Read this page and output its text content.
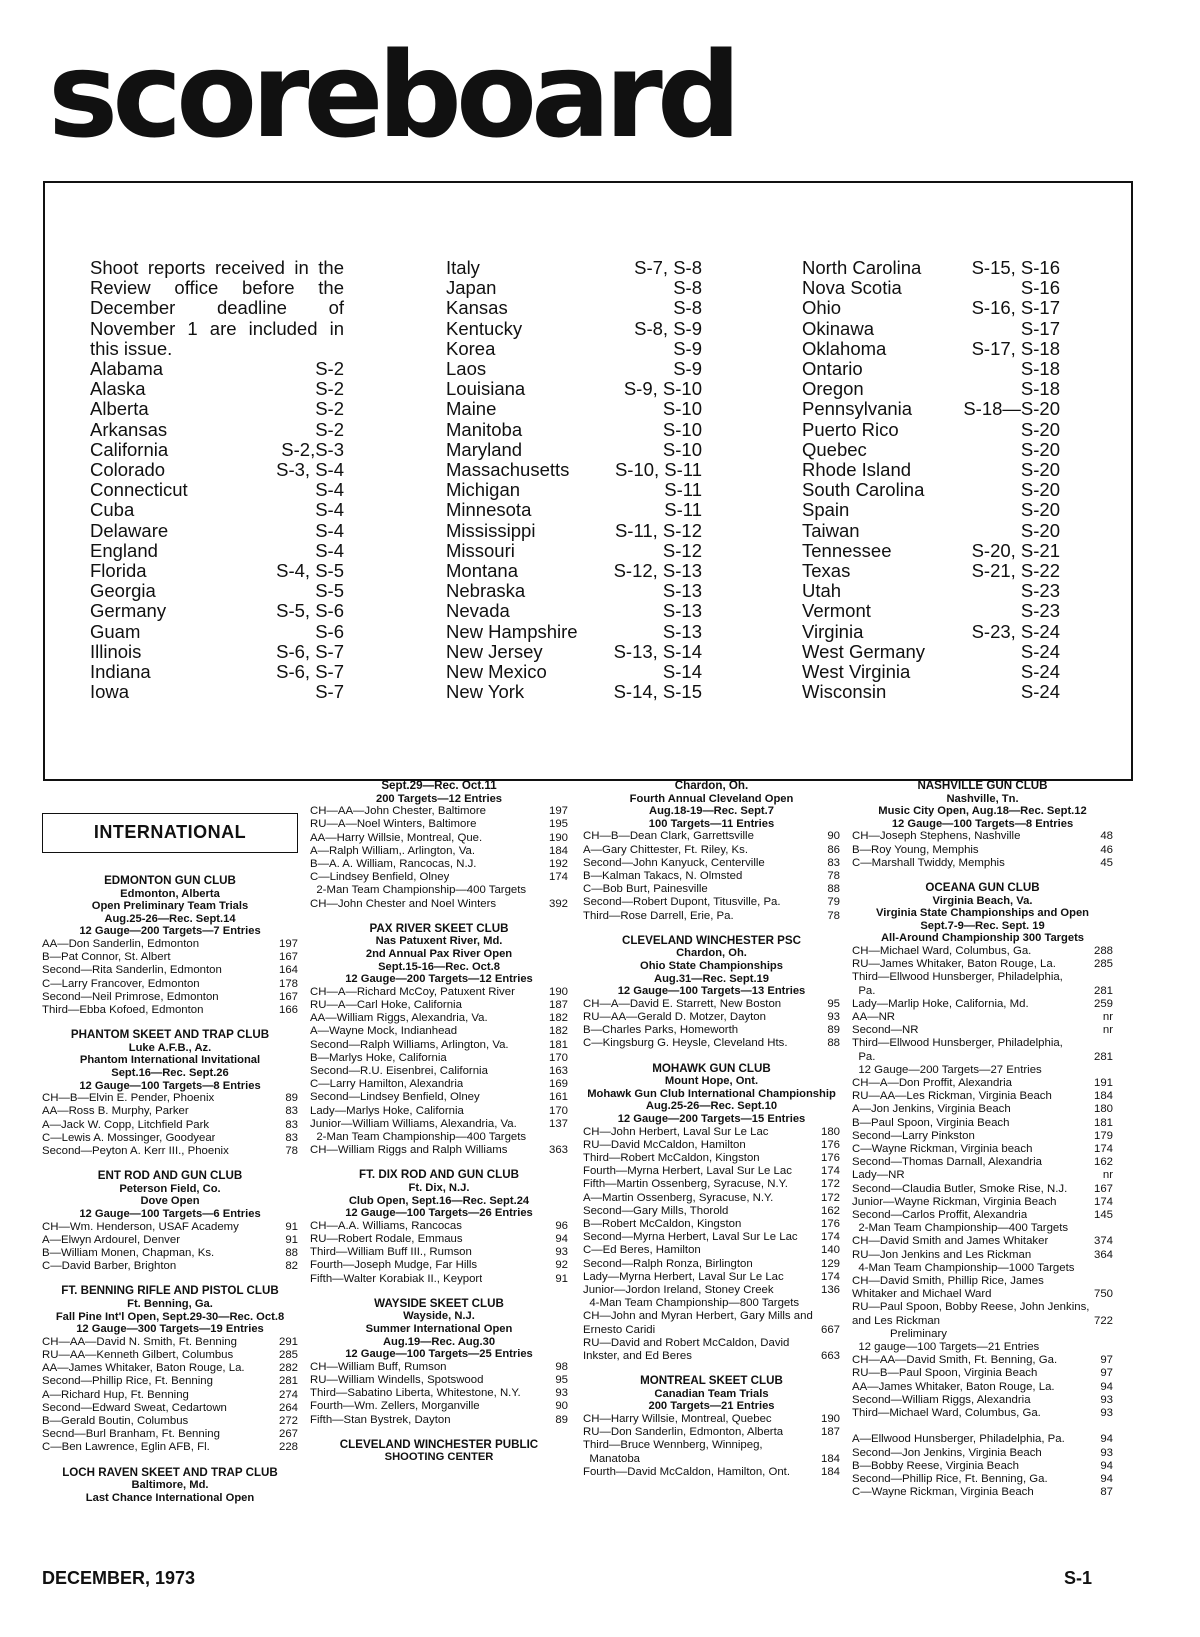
scoreboard
Shoot reports received in the Review office before the December deadline of November 1 are included in this issue.
Alabama	S-2
Alaska	S-2
Alberta	S-2
Arkansas	S-2
California	S-2,S-3
Colorado	S-3, S-4
Connecticut	S-4
Cuba	S-4
Delaware	S-4
England	S-4
Florida	S-4, S-5
Georgia	S-5
Germany	S-5, S-6
Guam	S-6
Illinois	S-6, S-7
Indiana	S-6, S-7
Iowa	S-7
Italy	S-7, S-8
Japan	S-8
Kansas	S-8
Kentucky	S-8, S-9
Korea	S-9
Laos	S-9
Louisiana	S-9, S-10
Maine	S-10
Manitoba	S-10
Maryland	S-10
Massachusetts S-10, S-11
Michigan	S-11
Minnesota	S-11
Mississippi	S-11, S-12
Missouri	S-12
Montana	S-12, S-13
Nebraska	S-13
Nevada	S-13
New Hampshire	S-13
New Jersey	S-13, S-14
New Mexico	S-14
New York	S-14, S-15
North Carolina	S-15, S-16
Nova Scotia	S-16
Ohio	S-16, S-17
Okinawa	S-17
Oklahoma	S-17, S-18
Ontario	S-18
Oregon	S-18
Pennsylvania	S-18—S-20
Puerto Rico	S-20
Quebec	S-20
Rhode Island	S-20
South Carolina	S-20
Spain	S-20
Taiwan	S-20
Tennessee	S-20, S-21
Texas	S-21, S-22
Utah	S-23
Vermont	S-23
Virginia	S-23, S-24
West Germany	S-24
West Virginia	S-24
Wisconsin	S-24
INTERNATIONAL
EDMONTON GUN CLUB
Edmonton, Alberta
Open Preliminary Team Trials
Aug.25-26—Rec. Sept.14
12 Gauge—200 Targets—7 Entries
AA—Don Sanderlin, Edmonton	197
B—Pat Connor, St. Albert	167
Second—Rita Sanderlin, Edmonton	164
C—Larry Francover, Edmonton	178
Second—Neil Primrose, Edmonton	167
Third—Ebba Kofoed, Edmonton	166
PHANTOM SKEET AND TRAP CLUB
Luke A.F.B., Az.
Phantom International Invitational
Sept.16—Rec. Sept.26
12 Gauge—100 Targets—8 Entries
CH—B—Elvin E. Pender, Phoenix	89
AA—Ross B. Murphy, Parker	83
A—Jack W. Copp, Litchfield Park	83
C—Lewis A. Mossinger, Goodyear	83
Second—Peyton A. Kerr III., Phoenix	78
ENT ROD AND GUN CLUB
Peterson Field, Co.
Dove Open
12 Gauge—100 Targets—6 Entries
CH—Wm. Henderson, USAF Academy	91
A—Elwyn Ardourel, Denver	91
B—William Monen, Chapman, Ks.	88
C—David Barber, Brighton	82
FT. BENNING RIFLE AND PISTOL CLUB
Ft. Benning, Ga.
Fall Pine Int'l Open, Sept.29-30—Rec. Oct.8
12 Gauge—300 Targets—19 Entries
CH—AA—David N. Smith, Ft. Benning	291
RU—AA—Kenneth Gilbert, Columbus	285
AA—James Whitaker, Baton Rouge, La.	282
Second—Phillip Rice, Ft. Benning	281
A—Richard Hup, Ft. Benning	274
Second—Edward Sweat, Cedartown	264
B—Gerald Boutin, Columbus	272
Secnd—Burl Branham, Ft. Benning	267
C—Ben Lawrence, Eglin AFB, Fl.	228
LOCH RAVEN SKEET AND TRAP CLUB
Baltimore, Md.
Last Chance International Open
Sept.29—Rec. Oct.11
200 Targets—12 Entries
CH—AA—John Chester, Baltimore	197
RU—A—Noel Winters, Baltimore	195
AA—Harry Willsie, Montreal, Que.	190
A—Ralph William,. Arlington, Va.	184
B—A. A. William, Rancocas, N.J.	192
C—Lindsey Benfield, Olney	174
2-Man Team Championship—400 Targets
CH—John Chester and Noel Winters	392
PAX RIVER SKEET CLUB
Nas Patuxent River, Md.
2nd Annual Pax River Open
Sept.15-16—Rec. Oct.8
12 Gauge—200 Targets—12 Entries
CH—A—Richard McCoy, Patuxent River	190
RU—A—Carl Hoke, California	187
AA—William Riggs, Alexandria, Va.	182
A—Wayne Mock, Indianhead	182
Second—Ralph Williams, Arlington, Va.	181
B—Marlys Hoke, California	170
Second—R.U. Eisenbrei, California	163
C—Larry Hamilton, Alexandria	169
Second—Lindsey Benfield, Olney	161
Lady—Marlys Hoke, California	170
Junior—William Williams, Alexandria, Va.	137
2-Man Team Championship—400 Targets
CH—William Riggs and Ralph Williams	363
FT. DIX ROD AND GUN CLUB
Ft. Dix, N.J.
Club Open, Sept.16—Rec. Sept.24
12 Gauge—100 Targets—26 Entries
CH—A.A. Williams, Rancocas	96
RU—Robert Rodale, Emmaus	94
Third—William Buff III., Rumson	93
Fourth—Joseph Mudge, Far Hills	92
Fifth—Walter Korabiak II., Keyport	91
WAYSIDE SKEET CLUB
Wayside, N.J.
Summer International Open
Aug.19—Rec. Aug.30
12 Gauge—100 Targets—25 Entries
CH—William Buff, Rumson	98
RU—William Windells, Spotswood	95
Third—Sabatino Liberta, Whitestone, N.Y.	93
Fourth—Wm. Zellers, Morganville	90
Fifth—Stan Bystrek, Dayton	89
CLEVELAND WINCHESTER PUBLIC
SHOOTING CENTER
Chardon, Oh.
Fourth Annual Cleveland Open
Aug.18-19—Rec. Sept.7
100 Targets—11 Entries
CH—B—Dean Clark, Garrettsville	90
A—Gary Chittester, Ft. Riley, Ks.	86
Second—John Kanyuck, Centerville	83
B—Kalman Takacs, N. Olmsted	78
C—Bob Burt, Painesville	88
Second—Robert Dupont, Titusville, Pa.	79
Third—Rose Darrell, Erie, Pa.	78
CLEVELAND WINCHESTER PSC
Chardon, Oh.
Ohio State Championships
Aug.31—Rec. Sept.19
12 Gauge—100 Targets—13 Entries
CH—A—David E. Starrett, New Boston	95
RU—AA—Gerald D. Motzer, Dayton	93
B—Charles Parks, Homeworth	89
C—Kingsburg G. Heysle, Cleveland Hts.	88
MOHAWK GUN CLUB
Mount Hope, Ont.
Mohawk Gun Club International Championship
Aug.25-26—Rec. Sept.10
12 Gauge—200 Targets—15 Entries
CH—John Herbert, Laval Sur Le Lac	180
RU—David McCaldon, Hamilton	176
Third—Robert McCaldon, Kingston	176
Fourth—Myrna Herbert, Laval Sur Le Lac	174
Fifth—Martin Ossenberg, Syracuse, N.Y.	172
A—Martin Ossenberg, Syracuse, N.Y.	172
Second—Gary Mills, Thorold	162
B—Robert McCaldon, Kingston	176
Second—Myrna Herbert, Laval Sur Le Lac 174
C—Ed Beres, Hamilton	140
Second—Ralph Ronza, Birlington	129
Lady—Myrna Herbert, Laval Sur Le Lac	174
Junior—Jordon Ireland, Stoney Creek	136
4-Man Team Championship—800 Targets
CH—John and Myran Herbert, Gary Mills and
Ernesto Caridi	667
RU—David and Robert McCaldon, David
Inkster, and Ed Beres	663
MONTREAL SKEET CLUB
Canadian Team Trials
200 Targets—21 Entries
CH—Harry Willsie, Montreal, Quebec	190
RU—Don Sanderlin, Edmonton, Alberta	187
Third—Bruce Wennberg, Winnipeg,
Manatoba	184
Fourth—David McCaldon, Hamilton, Ont.	184
NASHVILLE GUN CLUB
Nashville, Tn.
Music City Open, Aug.18—Rec. Sept.12
12 Gauge—100 Targets—8 Entries
CH—Joseph Stephens, Nashville	48
B—Roy Young, Memphis	46
C—Marshall Twiddy, Memphis	45
OCEANA GUN CLUB
Virginia Beach, Va.
Virginia State Championships and Open
Sept.7-9—Rec. Sept. 19
All-Around Championship 300 Targets
CH—Michael Ward, Columbus, Ga.	288
RU—James Whitaker, Baton Rouge, La.	285
Third—Ellwood Hunsberger, Philadelphia,
Pa.	281
Lady—Marlip Hoke, California, Md.	259
AA—NR	nr
Second—NR	nr
Third—Ellwood Hunsberger, Philadelphia,
Pa.	281
12 Gauge—200 Targets—27 Entries
CH—A—Don Proffit, Alexandria	191
RU—AA—Les Rickman, Virginia Beach	184
A—Jon Jenkins, Virginia Beach	180
B—Paul Spoon, Virginia Beach	181
Second—Larry Pinkston	179
C—Wayne Rickman, Virginia beach	174
Second—Thomas Darnall, Alexandria	162
Lady—NR	nr
Second—Claudia Butler, Smoke Rise, N.J. 167
Junior—Wayne Rickman, Virginia Beach	174
Second—Carlos Proffit, Alexandria	145
2-Man Team Championship—400 Targets
CH—David Smith and James Whitaker	374
RU—Jon Jenkins and Les Rickman	364
4-Man Team Championship—1000 Targets
CH—David Smith, Phillip Rice, James
Whitaker and Michael Ward	750
RU—Paul Spoon, Bobby Reese, John Jenkins,
and Les Rickman	722
Preliminary
12 gauge—100 Targets—21 Entries
CH—AA—David Smith, Ft. Benning, Ga.	97
RU—B—Paul Spoon, Virginia Beach	97
AA—James Whitaker, Baton Rouge, La.	94
Second—William Riggs, Alexandria	93
Third—Michael Ward, Columbus, Ga.	93

A—Ellwood Hunsberger, Philadelphia, Pa.	94
Second—Jon Jenkins, Virginia Beach	93
B—Bobby Reese, Virginia Beach	94
Second—Phillip Rice, Ft. Benning, Ga.	94
C—Wayne Rickman, Virginia Beach	87
DECEMBER, 1973	S-1
